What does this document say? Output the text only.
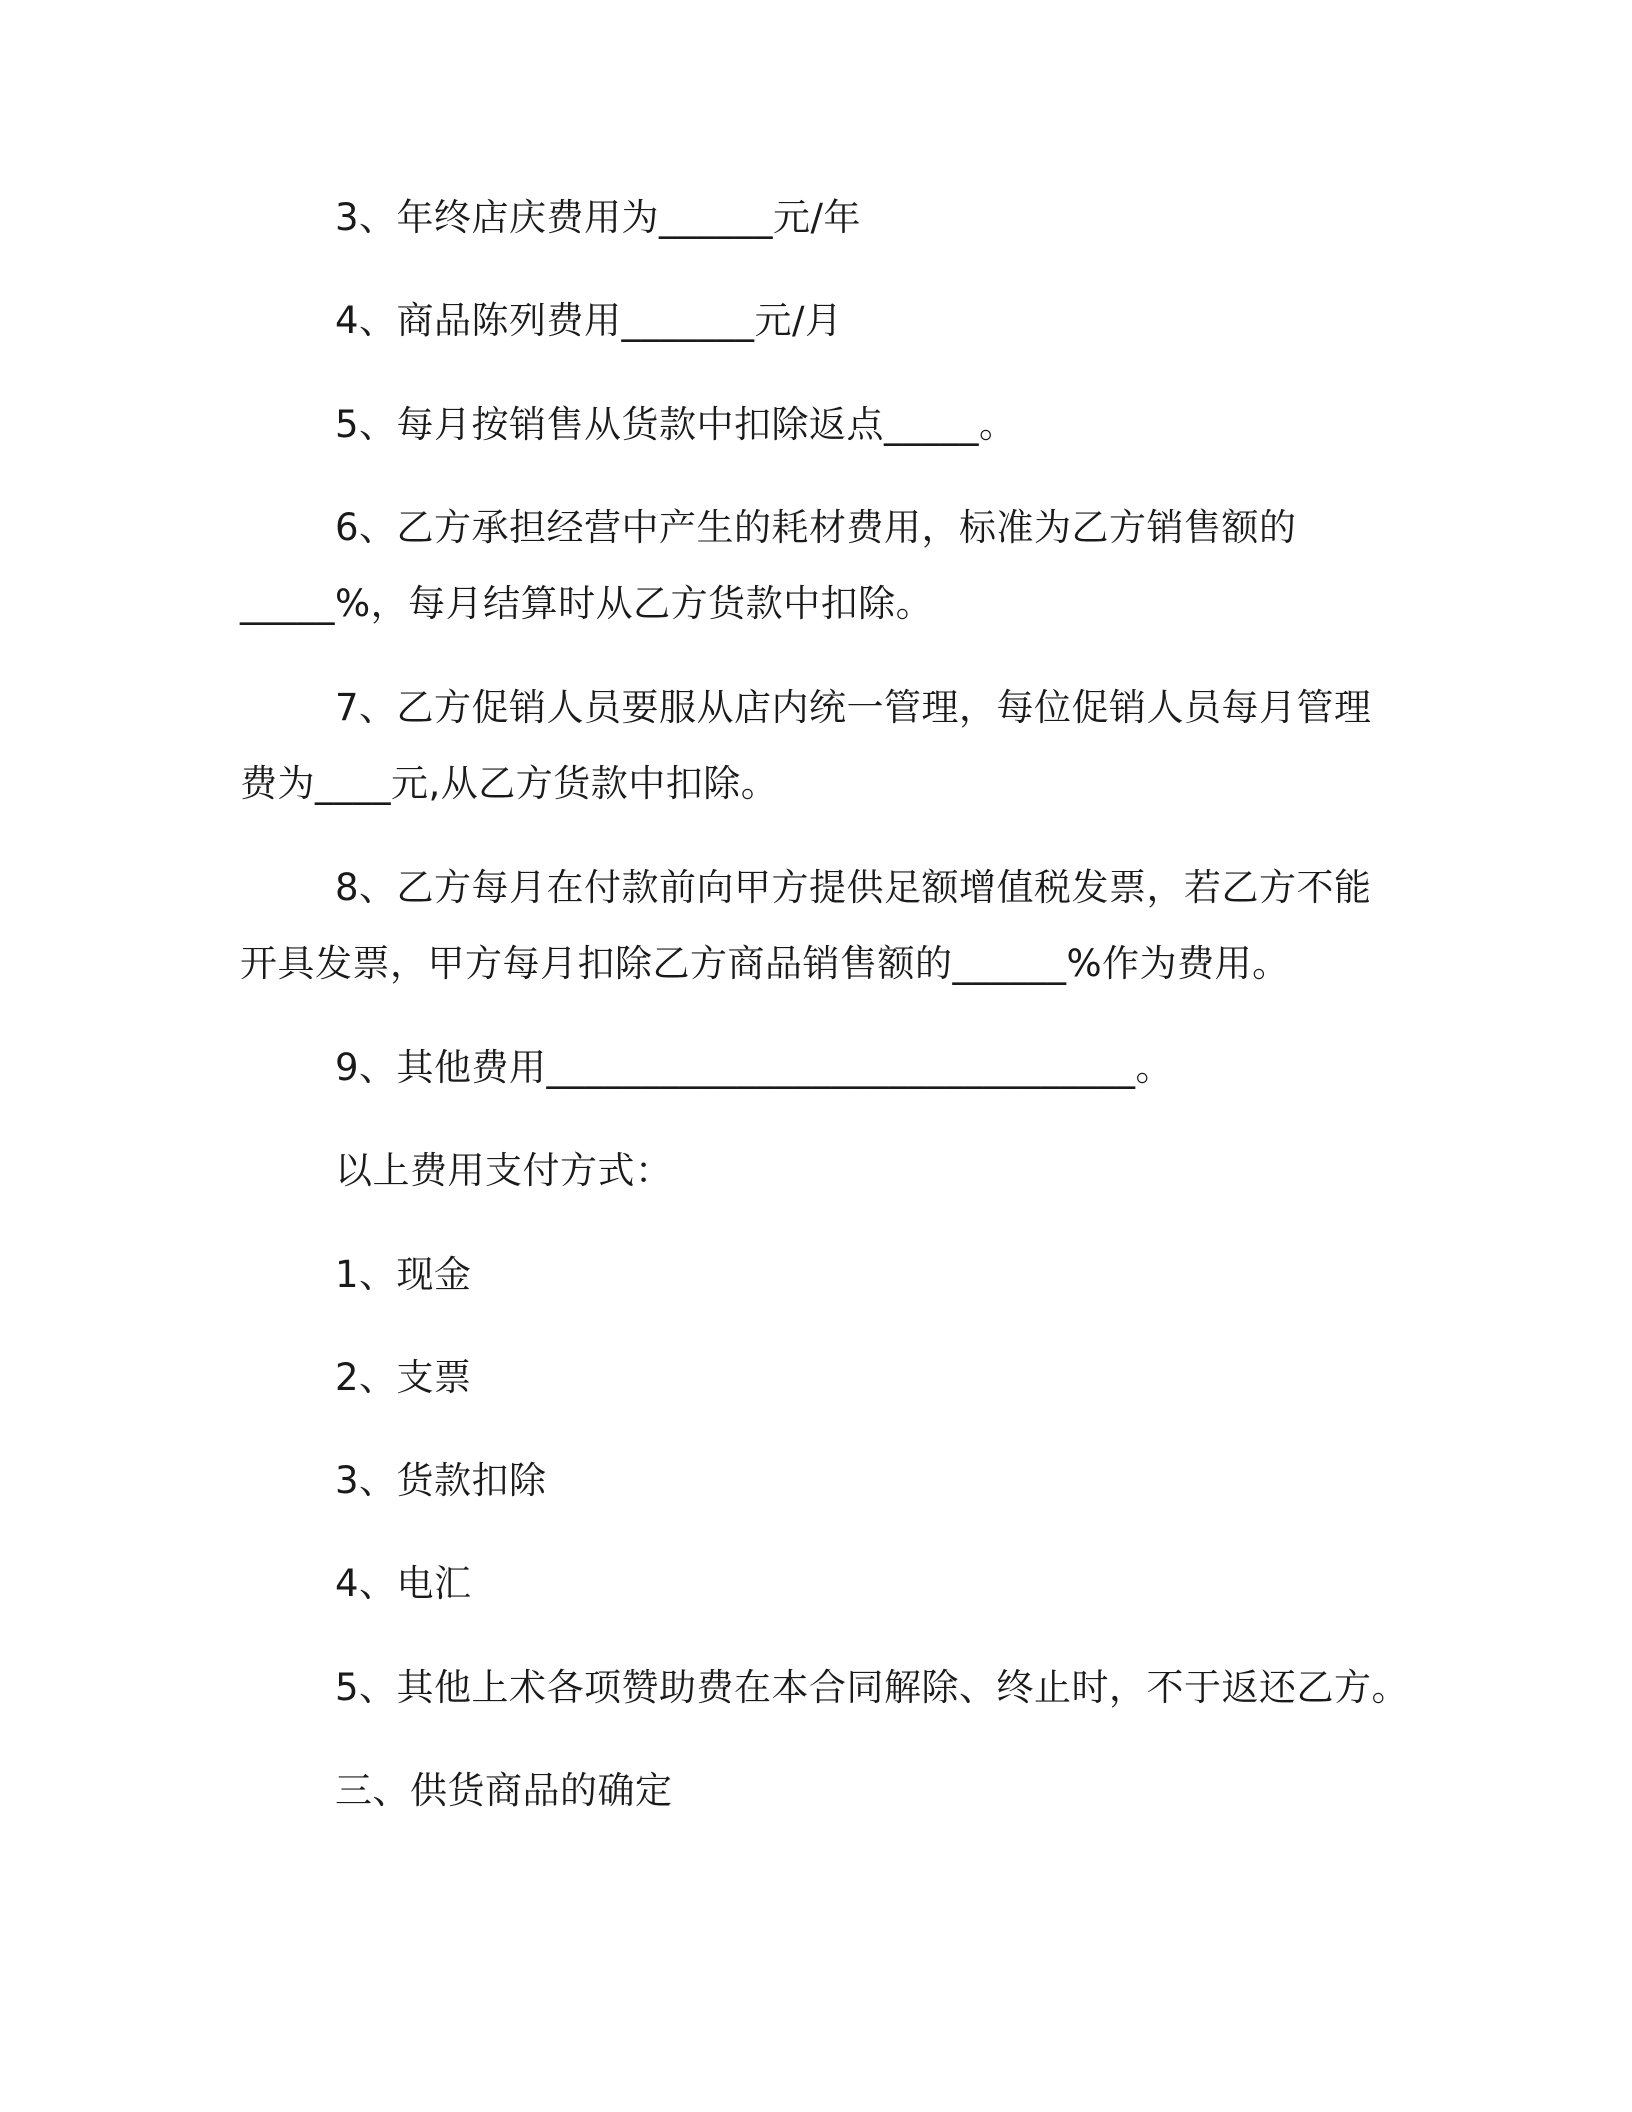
3、年终店庆费用为______元/年

4、商品陈列费用_______元/月

5、每月按销售从货款中扣除返点_____。

6、乙方承担经营中产生的耗材费用，标准为乙方销售额的
_____%，每月结算时从乙方货款中扣除。

7、乙方促销人员要服从店内统一管理，每位促销人员每月管理
费为____元,从乙方货款中扣除。

8、乙方每月在付款前向甲方提供足额增值税发票，若乙方不能
开具发票，甲方每月扣除乙方商品销售额的______%作为费用。

9、其他费用_______________________________。

以上费用支付方式：

1、现金

2、支票

3、货款扣除

4、电汇

5、其他上术各项赞助费在本合同解除、终止时，不于返还乙方。

三、供货商品的确定
